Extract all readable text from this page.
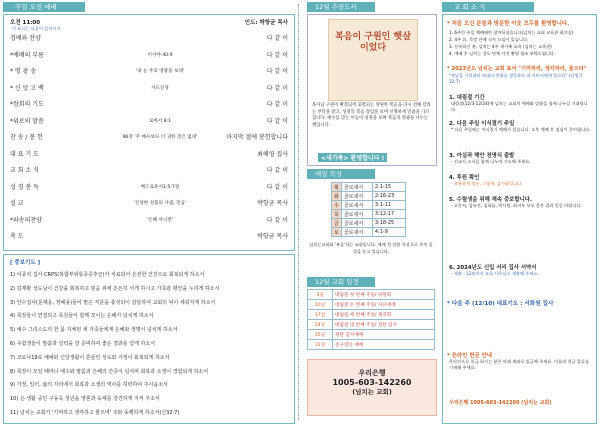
주일 오전 예배
오전 11:00	인도: 박항균 목사
이 표시는 다같이 일어서서
경배와 찬양	다 같 이
*예배의 부름	이사야 40:9	다 같 이
* 명 광 송	'내 눈 주의 영광을 보네'	다 같 이
* 신 앙 고 백	사도신경	다 같 이
*참회의 기도	다 같 이
*위로의 말씀	로마서 8:1	다 같 이
찬 송 / 봉 헌	96장 '주 예수보다 더 귀한 것은 없네'	마지막 절에 봉헌합니다
대 표 기 도	최해영 집사
교 회 소 식	다 같 이
성 경 봉 독	베드로후서1:5-7절	다 같 이
설 교	'신성한 성품의 사귐, 믿음'	박항균 목사
*파송의찬양	'은혜 아니면'	다 같 이
축 도	박항균 목사
[ 중보기도 ]
1) 이종석 집사 CRPS(복합부위통증증후군)가 치료되어 온전한 건강으로 회복되게 하소서
2) 김제환 성도님이 건강을 회복하고 믿음 위에 든든히 서게 하시고 가족과 평안을 누리게 하소서
3) 안수집사(문제웅, 정해용)들이 맡은 직분을 충성되이 감당하여 교회의 덕이 세워지게 하소서
4) 목장들이 연결되고 목원들이 함께 모이는 은혜가 넘치게 하소서
5) 예수 그리스도의 한 몸 지체된 새 가족들에게 은혜와 생명이 넘치게 하소서
6) 수험생들이 말씀과 실력을 잘 준비하여 좋은 결과를 얻게 하소서
7) 코로나19로 예배와 신앙생활이 흔들린 성도와 가정이 회복되게 하소서
8) 목장이 모일 때마다 예수와 말씀과 은혜의 간증이 넘치며 회복과 소생이 경험되게 하소서
9) 가정, 일터, 삶의 자리에서 회복과 소생의 역사를 허락하여 주시옵소서
10) 은 생활 중인 구동욱 청년을 영혼과 육체를 강건하게 지켜 주소서
11) 넘치는 교회가 '기억하고 생각하고 물으며' 주와 동행하게 하소서(신32:7)
12월 추천도서
복음이 구원인 햇살이었다
목사님 구원이 확정되어 회복되는 영원한 복음을 다시 전해 달라는 부탁을 받고, 성경의 복음 장엄을 보며 선명하게 말씀을 가르칩니다. 예수를 믿는 이들이 성경을 보며 복음의 영광을 나누는 책입니다.
<새가족> 환영합니다 !
매일 묵상
월	골로새서	2:1-15
화	골로새서	2:16-23
수	골로새서	3:1-11
목	골로새서	3:12-17
금	골로새서	3:18-25
토	골로새서	4:1-9
넘치는교회와 '복음'하는 교회입니다. 예배 전 말씀 묵상으로 주의 음성을 듣고 있습니다.
12월 교회 일정
3일	대림절 첫 번째 주일/ 위원회
10일	대림절 두 번째 주일/ 자녀세례
17일	대림절 세 번째 주일/ 제직회
24일	대림절 네 번째 주일/ 성탄 감사
25일	성탄 감사예배
31일	송구영신 예배
우리은행
1005-603-142260
(넘치는 교회)
교 회 소 식
* 처음 오신 분들과 방문한 이웃 모두를 환영합니다.
1. 6주간 주일 예배에만 참여하셨습니다(넘치는 교회 교육관 회의실)
2. 4주 뒤, 목장 안에 식사 모임이 있습니다.
3. 등록하신 분, 넘치는 4주 새가족 교육 (넘치는 교육관)
4. 예배 후 넘치는 성도 단체 사진 촬영 협조 부탁드립니다.
* 2023년도 넘치는 교회 표어 "기억하라, 생각하라, 물으라"
"옛날을 기억하라 역대의 연대를 생각하라 네 아버지에게 물으라" (신명기 32:7)
1. 대림절 기간
대림절(12/3-12/24)에 넘치는 교회의 예배와 말씀을 함께 나누길 기대합니다.
2. 다음 주일 이식결기 주일
* 다음 주일에는 이식결기 예배가 있습니다. 오후 예배 후 점심이 준비됩니다.
3. 아실과 해안 천명식 출발
- 선교지 소식을 함께 나누며 기도해 주세요.
4. 후원 확인
- 조용하게 정돈, 그렇게, 감사함입니다.
5. 수험생을 위해 계속 중보합니다.
- 고은서, 김유진, 김하늘, 박시원, 최지우 모두 좋은 결과 얻길 바랍니다.
6. 2024년도 신입 서리 집사 서약서
- 제출 : 12월까지 교회 사무실로 제출해 주세요.
* 다음 주 (12/10) 대표기도 : 서화원 집사
* 온라인 헌금 안내
온라인으로 헌금 하시는 분은 아래 계좌로 입금해 주세요. 이름과 헌금 종류를 기재해 주세요.
우리은행 1005-603-142260 (넘치는 교회)
